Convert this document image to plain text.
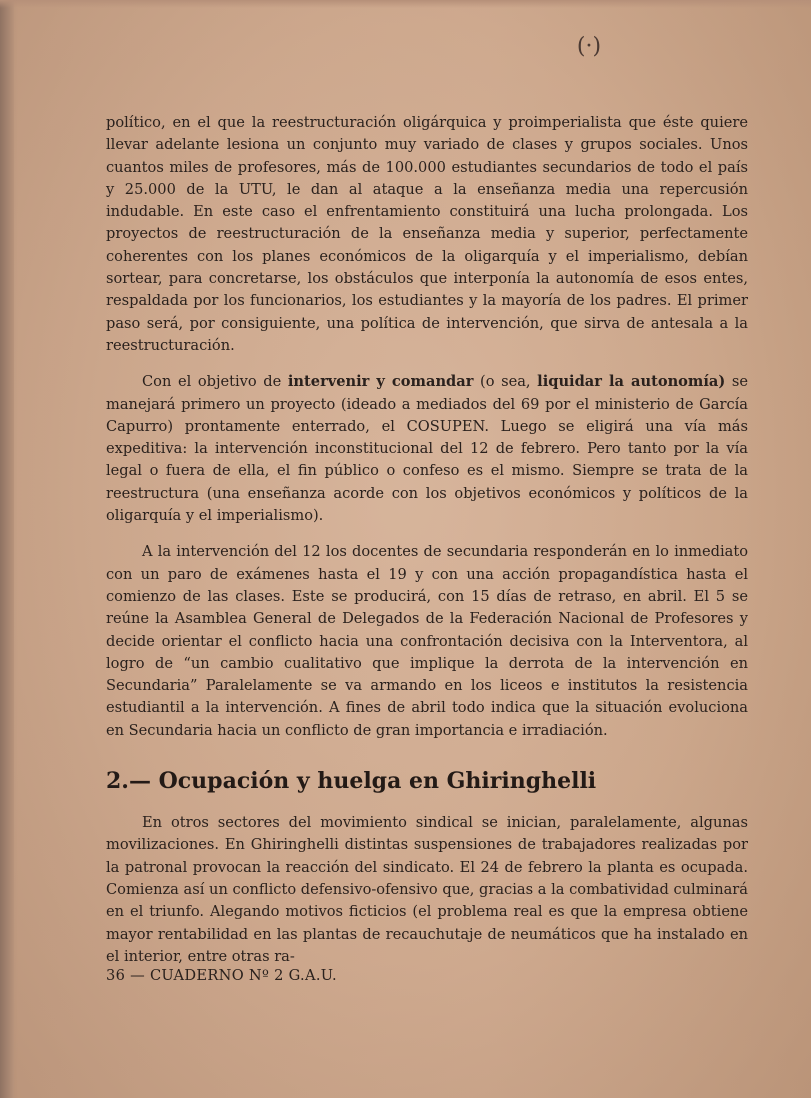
(·)

político, en el que la reestructuración oligárquica y proimperialista que éste quiere llevar adelante lesiona un conjunto muy variado de clases y grupos sociales. Unos cuantos miles de profesores, más de 100.000 estudiantes secundarios de todo el país y 25.000 de la UTU, le dan al ataque a la enseñanza media una repercusión indudable. En este caso el enfrentamiento constituirá una lucha prolongada. Los proyectos de reestructuración de la enseñanza media y superior, perfectamente coherentes con los planes económicos de la oligarquía y el imperialismo, debían sortear, para concretarse, los obstáculos que interponía la autonomía de esos entes, respaldada por los funcionarios, los estudiantes y la mayoría de los padres. El primer paso será, por consiguiente, una política de intervención, que sirva de antesala a la reestructuración.

Con el objetivo de intervenir y comandar (o sea, liquidar la autonomía) se manejará primero un proyecto (ideado a mediados del 69 por el ministerio de García Capurro) prontamente enterrado, el COSUPEN. Luego se eligirá una vía más expeditiva: la intervención inconstitucional del 12 de febrero. Pero tanto por la vía legal o fuera de ella, el fin público o confeso es el mismo. Siempre se trata de la reestructura (una enseñanza acorde con los objetivos económicos y políticos de la oligarquía y el imperialismo).

A la intervención del 12 los docentes de secundaria responderán en lo inmediato con un paro de exámenes hasta el 19 y con una acción propagandística hasta el comienzo de las clases. Este se producirá, con 15 días de retraso, en abril. El 5 se reúne la Asamblea General de Delegados de la Federación Nacional de Profesores y decide orientar el conflicto hacia una confrontación decisiva con la Interventora, al logro de “un cambio cualitativo que implique la derrota de la intervención en Secundaria” Paralelamente se va armando en los liceos e institutos la resistencia estudiantil a la intervención. A fines de abril todo indica que la situación evoluciona en Secundaria hacia un conflicto de gran importancia e irradiación.

2.— Ocupación y huelga en Ghiringhelli

En otros sectores del movimiento sindical se inician, paralelamente, algunas movilizaciones. En Ghiringhelli distintas suspensiones de trabajadores realizadas por la patronal provocan la reacción del sindicato. El 24 de febrero la planta es ocupada. Comienza así un conflicto defensivo-ofensivo que, gracias a la combatividad culminará en el triunfo. Alegando motivos ficticios (el problema real es que la empresa obtiene mayor rentabilidad en las plantas de recauchutaje de neumáticos que ha instalado en el interior, entre otras ra-

36 — CUADERNO Nº 2 G.A.U.
